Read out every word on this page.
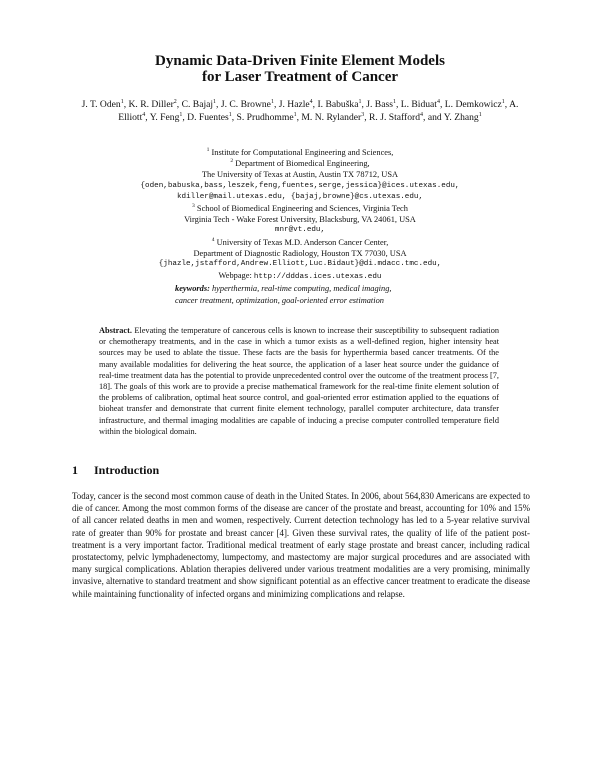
Dynamic Data-Driven Finite Element Models
for Laser Treatment of Cancer
J. T. Oden$^1$, K. R. Diller$^2$, C. Bajaj$^1$, J. C. Browne$^1$, J. Hazle$^4$, I. Babuška$^1$, J. Bass$^1$, L. Biduat$^4$, L. Demkowicz$^1$, A. Elliott$^4$, Y. Feng$^1$, D. Fuentes$^1$, S. Prudhomme$^1$, M. N. Rylander$^3$, R. J. Stafford$^4$, and Y. Zhang$^1$
$^1$ Institute for Computational Engineering and Sciences,
$^2$ Department of Biomedical Engineering,
The University of Texas at Austin, Austin TX 78712, USA
{oden,babuska,bass,leszek,feng,fuentes,serge,jessica}@ices.utexas.edu,
kdiller@mail.utexas.edu, {bajaj,browne}@cs.utexas.edu,
$^3$ School of Biomedical Engineering and Sciences, Virginia Tech
Virginia Tech - Wake Forest University, Blacksburg, VA 24061, USA
mnr@vt.edu,
$^4$ University of Texas M.D. Anderson Cancer Center,
Department of Diagnostic Radiology, Houston TX 77030, USA
{jhazle,jstafford,Andrew.Elliott,Luc.Bidaut}@di.mdacc.tmc.edu,
Webpage: http://dddas.ices.utexas.edu
keywords: hyperthermia, real-time computing, medical imaging,
cancer treatment, optimization, goal-oriented error estimation
Abstract. Elevating the temperature of cancerous cells is known to increase their susceptibility to subsequent radiation or chemotherapy treatments, and in the case in which a tumor exists as a well-defined region, higher intensity heat sources may be used to ablate the tissue. These facts are the basis for hyperthermia based cancer treatments. Of the many available modalities for delivering the heat source, the application of a laser heat source under the guidance of real-time treatment data has the potential to provide unprecedented control over the outcome of the treatment process [7, 18]. The goals of this work are to provide a precise mathematical framework for the real-time finite element solution of the problems of calibration, optimal heat source control, and goal-oriented error estimation applied to the equations of bioheat transfer and demonstrate that current finite element technology, parallel computer architecture, data transfer infrastructure, and thermal imaging modalities are capable of inducing a precise computer controlled temperature field within the biological domain.
1 Introduction
Today, cancer is the second most common cause of death in the United States. In 2006, about 564,830 Americans are expected to die of cancer. Among the most common forms of the disease are cancer of the prostate and breast, accounting for 10% and 15% of all cancer related deaths in men and women, respectively. Current detection technology has led to a 5-year relative survival rate of greater than 90% for prostate and breast cancer [4]. Given these survival rates, the quality of life of the patient post-treatment is a very important factor. Traditional medical treatment of early stage prostate and breast cancer, including radical prostatectomy, pelvic lymphadenectomy, lumpectomy, and mastectomy are major surgical procedures and are associated with many surgical complications. Ablation therapies delivered under various treatment modalities are a very promising, minimally invasive, alternative to standard treatment and show significant potential as an effective cancer treatment to eradicate the disease while maintaining functionality of infected organs and minimizing complications and relapse.
